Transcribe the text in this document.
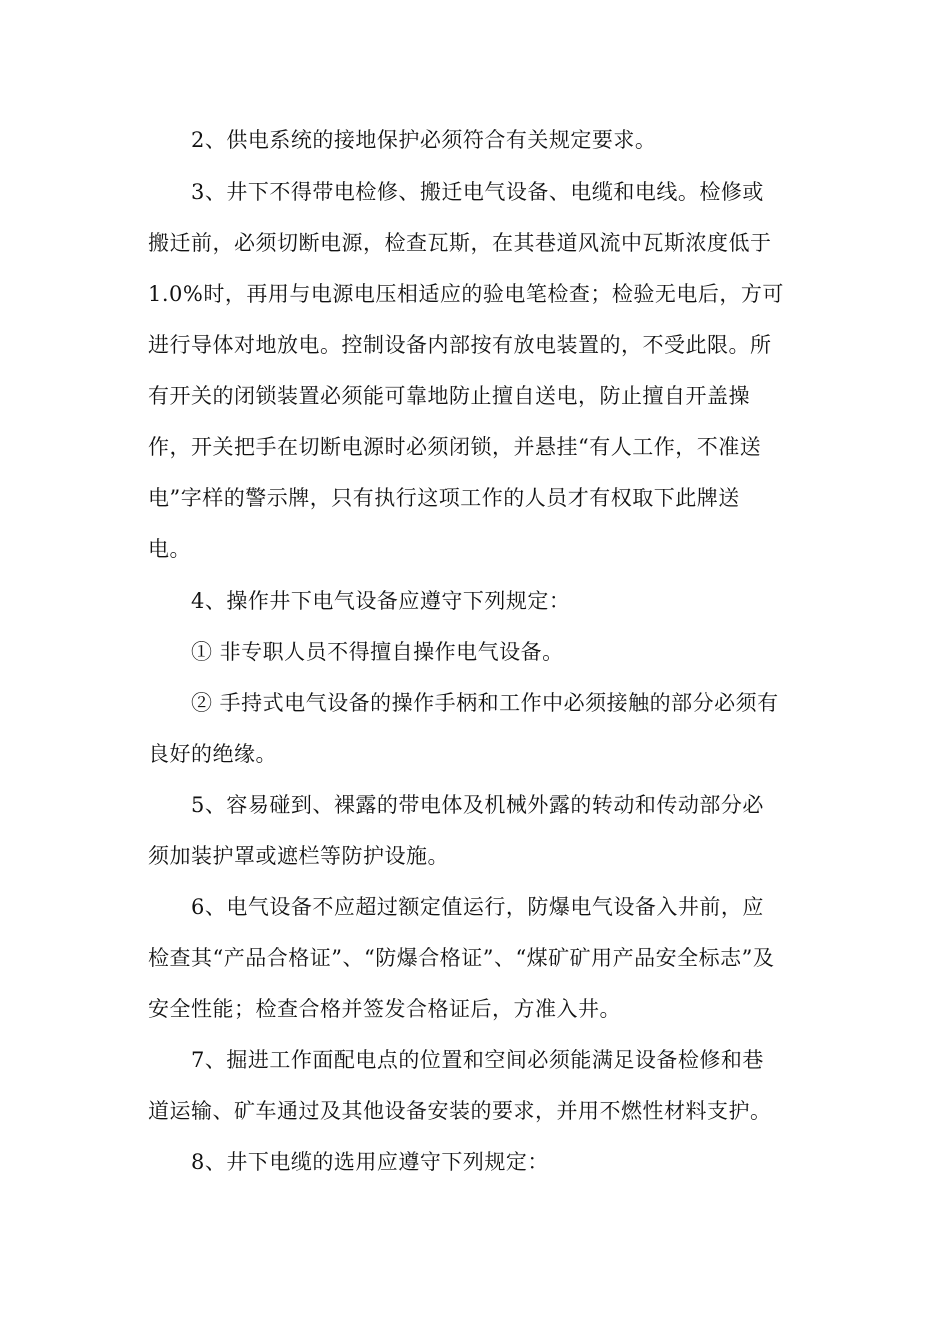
2、供电系统的接地保护必须符合有关规定要求。
3、井下不得带电检修、搬迁电气设备、电缆和电线。检修或
搬迁前，必须切断电源，检查瓦斯，在其巷道风流中瓦斯浓度低于
1.0%时，再用与电源电压相适应的验电笔检查；检验无电后，方可
进行导体对地放电。控制设备内部按有放电装置的，不受此限。所
有开关的闭锁装置必须能可靠地防止擅自送电，防止擅自开盖操
作，开关把手在切断电源时必须闭锁，并悬挂“有人工作，不准送
电”字样的警示牌，只有执行这项工作的人员才有权取下此牌送
电。
4、操作井下电气设备应遵守下列规定：
① 非专职人员不得擅自操作电气设备。
② 手持式电气设备的操作手柄和工作中必须接触的部分必须有
良好的绝缘。
5、容易碰到、裸露的带电体及机械外露的转动和传动部分必
须加装护罩或遮栏等防护设施。
6、电气设备不应超过额定值运行，防爆电气设备入井前，应
检查其“产品合格证”、“防爆合格证”、“煤矿矿用产品安全标志”及
安全性能；检查合格并签发合格证后，方准入井。
7、掘进工作面配电点的位置和空间必须能满足设备检修和巷
道运输、矿车通过及其他设备安装的要求，并用不燃性材料支护。
8、井下电缆的选用应遵守下列规定：
